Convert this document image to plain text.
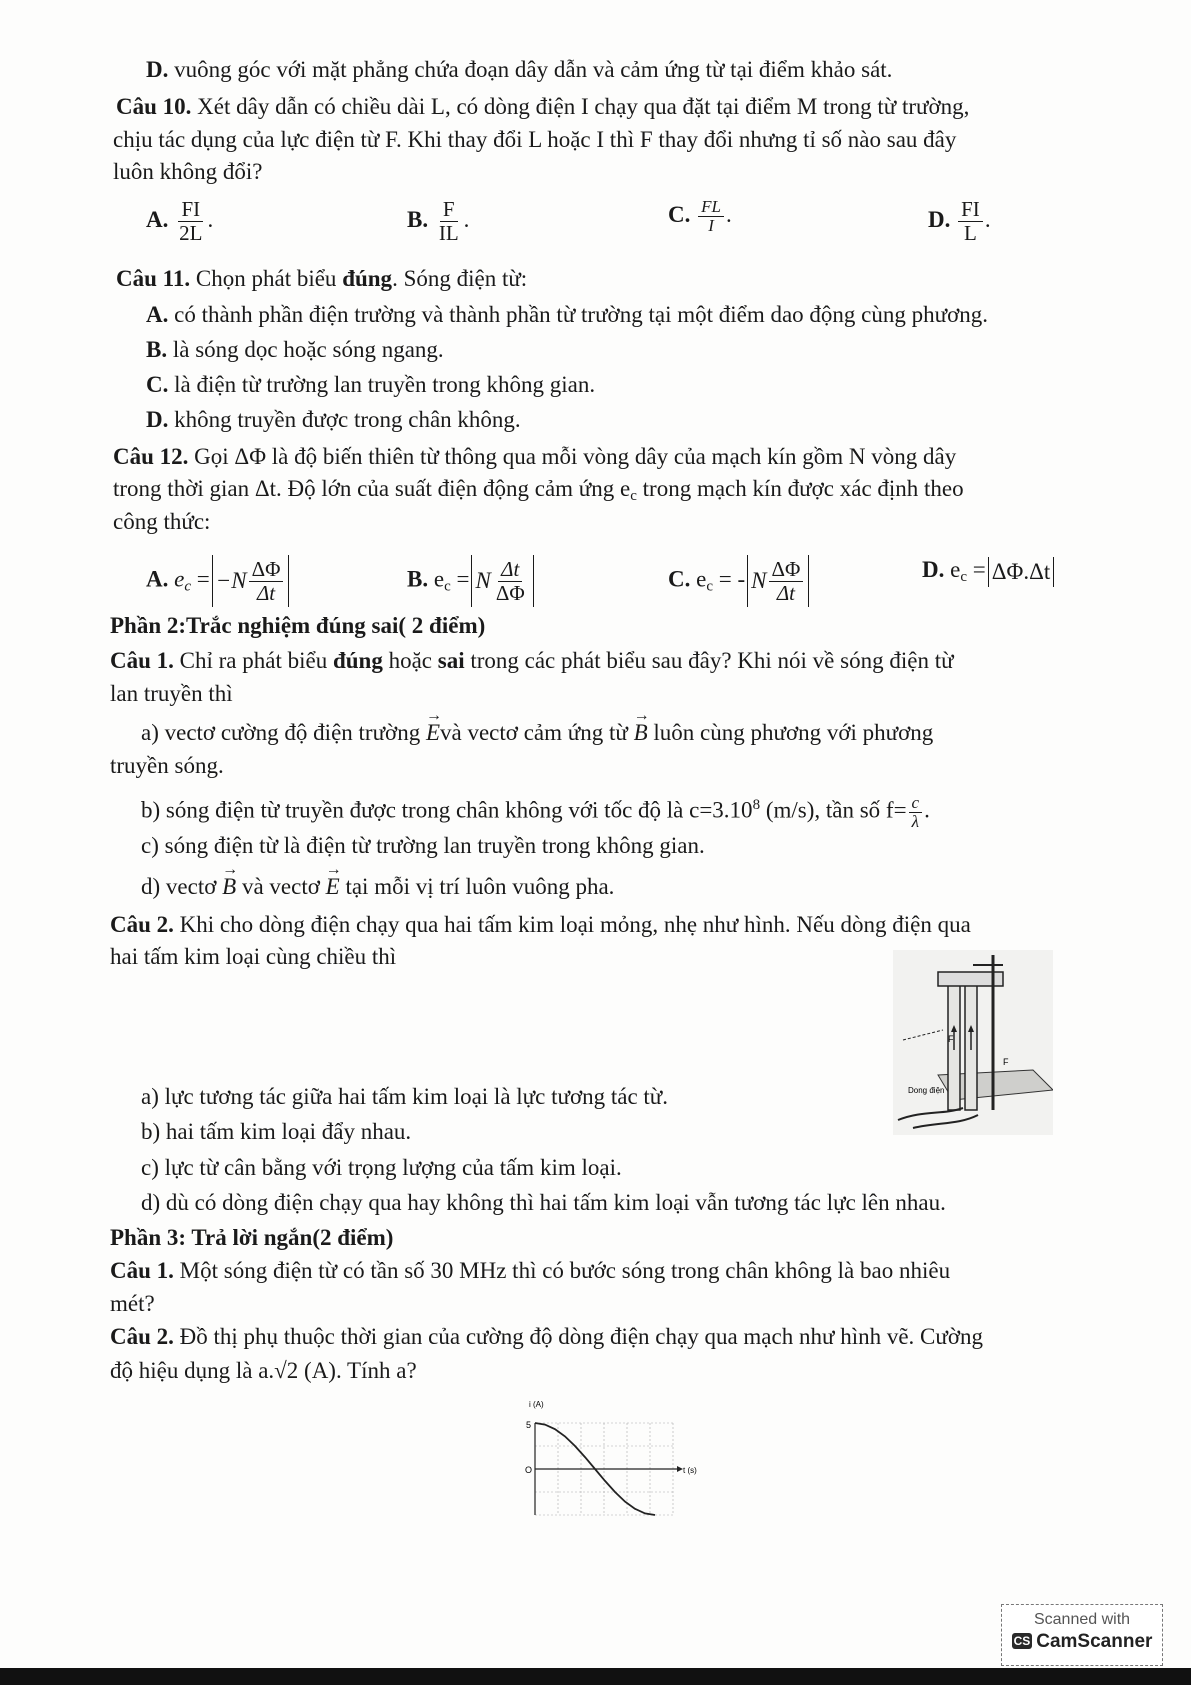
D. vuông góc với mặt phẳng chứa đoạn dây dẫn và cảm ứng từ tại điểm khảo sát.
Câu 10. Xét dây dẫn có chiều dài L, có dòng điện I chạy qua đặt tại điểm M trong từ trường,
chịu tác dụng của lực điện từ F. Khi thay đổi L hoặc I thì F thay đổi nhưng tỉ số nào sau đây
luôn không đổi?
A. $\frac{FI}{2L}$ .	B. $\frac{F}{IL}$ .	C. $\frac{FL}{I}$ .	D. $\frac{FI}{L}$ .
Câu 11. Chọn phát biểu đúng. Sóng điện từ:
A. có thành phần điện trường và thành phần từ trường tại một điểm dao động cùng phương.
B. là sóng dọc hoặc sóng ngang.
C. là điện từ trường lan truyền trong không gian.
D. không truyền được trong chân không.
Câu 12. Gọi ΔΦ là độ biến thiên từ thông qua mỗi vòng dây của mạch kín gồm N vòng dây
trong thời gian Δt. Độ lớn của suất điện động cảm ứng $e_c$ trong mạch kín được xác định theo
công thức:
A. $e_c = -N \frac{\Delta\Phi}{\Delta t}$	B. $e_c = N \frac{\Delta t}{\Delta\Phi}$	C. $e_c$ = - N $\frac{\Delta\Phi}{\Delta t}$	D. $e_c = \Delta\Phi.\Delta t$
Phần 2:Trắc nghiệm đúng sai( 2 điểm)
Câu 1. Chỉ ra phát biểu đúng hoặc sai trong các phát biểu sau đây? Khi nói về sóng điện từ
lan truyền thì
a) vectơ cường độ điện trường → Evà vectơ cảm ứng từ → B luôn cùng phương với phương
truyền sóng.
b) sóng điện từ truyền được trong chân không với tốc độ là $c=3.10^8$ (m/s), tần số $f= \frac{c}{\lambda}$ .
c) sóng điện từ là điện từ trường lan truyền trong không gian.
d) vectơ → B và vectơ → E tại mỗi vị trí luôn vuông pha.
Câu 2. Khi cho dòng điện chạy qua hai tấm kim loại mỏng, nhẹ như hình. Nếu dòng điện qua
hai tấm kim loại cùng chiều thì
F
F
Dong điện
a) lực tương tác giữa hai tấm kim loại là lực tương tác từ.
b) hai tấm kim loại đẩy nhau.
c) lực từ cân bằng với trọng lượng của tấm kim loại.
d) dù có dòng điện chạy qua hay không thì hai tấm kim loại vẫn tương tác lực lên nhau.
Phần 3: Trả lời ngắn(2 điểm)
Câu 1. Một sóng điện từ có tần số 30 MHz thì có bước sóng trong chân không là bao nhiêu
mét?
Câu 2. Đồ thị phụ thuộc thời gian của cường độ dòng điện chạy qua mạch như hình vẽ. Cường
độ hiệu dụng là a.√2 (A). Tính a?
i (A)
t (s)
5
O
Scanned with
CS CamScanner
